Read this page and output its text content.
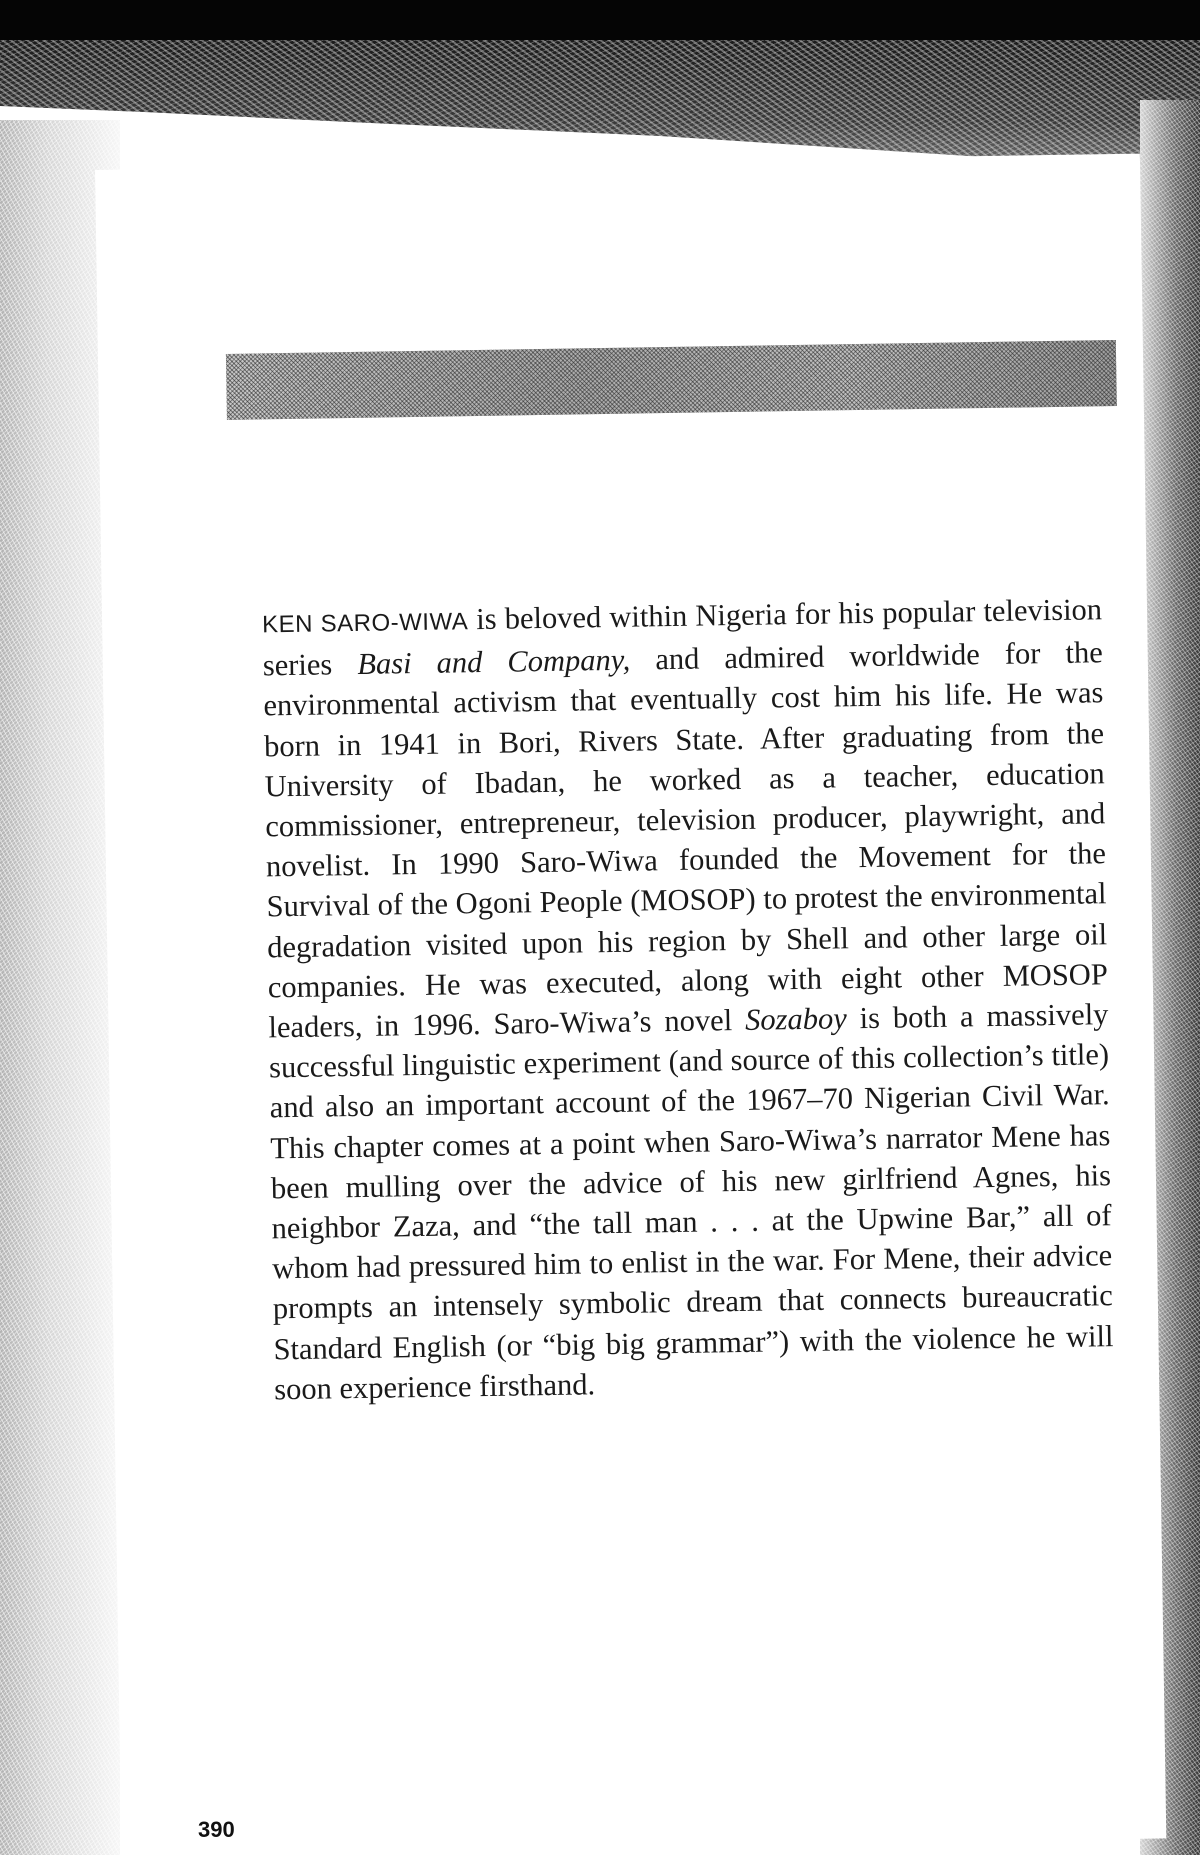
KEN SARO-WIWA is beloved within Nigeria for his popular television series Basi and Company, and admired worldwide for the environmental activism that eventually cost him his life. He was born in 1941 in Bori, Rivers State. After graduating from the University of Ibadan, he worked as a teacher, education commissioner, entrepreneur, television producer, playwright, and novelist. In 1990 Saro-Wiwa founded the Movement for the Survival of the Ogoni People (MOSOP) to protest the environmental degradation visited upon his region by Shell and other large oil companies. He was executed, along with eight other MOSOP leaders, in 1996. Saro-Wiwa’s novel Sozaboy is both a massively successful linguistic experiment (and source of this collection’s title) and also an important account of the 1967–70 Nigerian Civil War. This chapter comes at a point when Saro-Wiwa’s narrator Mene has been mulling over the advice of his new girlfriend Agnes, his neighbor Zaza, and “the tall man . . . at the Upwine Bar,” all of whom had pressured him to enlist in the war. For Mene, their advice prompts an intensely symbolic dream that connects bureaucratic Standard English (or “big big grammar”) with the violence he will soon experience firsthand.

390
